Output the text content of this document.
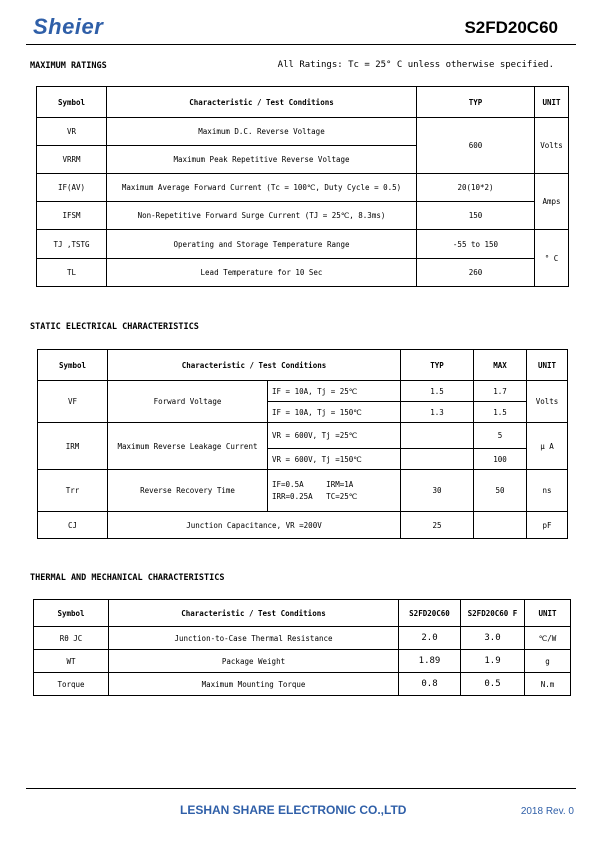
Sheier	S2FD20C60
MAXIMUM RATINGS	All Ratings: Tc = 25° C unless otherwise specified.
Symbol	Characteristic / Test Conditions	TYP	UNIT
VR	Maximum D.C. Reverse Voltage	600	Volts
VRRM	Maximum Peak Repetitive Reverse Voltage		
IF(AV)	Maximum Average Forward Current (Tc = 100℃, Duty Cycle = 0.5)	20(10*2)	Amps
IFSM	Non-Repetitive Forward Surge Current (TJ = 25℃, 8.3ms)	150	
TJ ,TSTG	Operating and Storage Temperature Range	-55 to 150	° C
TL	Lead Temperature for 10 Sec	260	
STATIC ELECTRICAL CHARACTERISTICS
Symbol	Characteristic / Test Conditions		TYP	MAX	UNIT
VF	Forward Voltage	IF = 10A, Tj = 25℃	1.5	1.7	Volts
		IF = 10A, Tj = 150℃	1.3	1.5	
IRM	Maximum Reverse Leakage Current	VR = 600V, Tj =25℃		5	μ A
		VR = 600V, Tj =150℃		100	
Trr	Reverse Recovery Time	IF=0.5A     IRM=1A
IRR=0.25A   TC=25℃	30	50	ns
CJ	Junction Capacitance, VR =200V		25		pF
THERMAL AND MECHANICAL CHARACTERISTICS
Symbol	Characteristic / Test Conditions	S2FD20C60	S2FD20C60 F	UNIT
Rθ JC	Junction-to-Case Thermal Resistance	2.0	3.0	℃/W
WT	Package Weight	1.89	1.9	g
Torque	Maximum Mounting Torque	0.8	0.5	N.m
LESHAN SHARE ELECTRONIC CO.,LTD	2018 Rev. 0
